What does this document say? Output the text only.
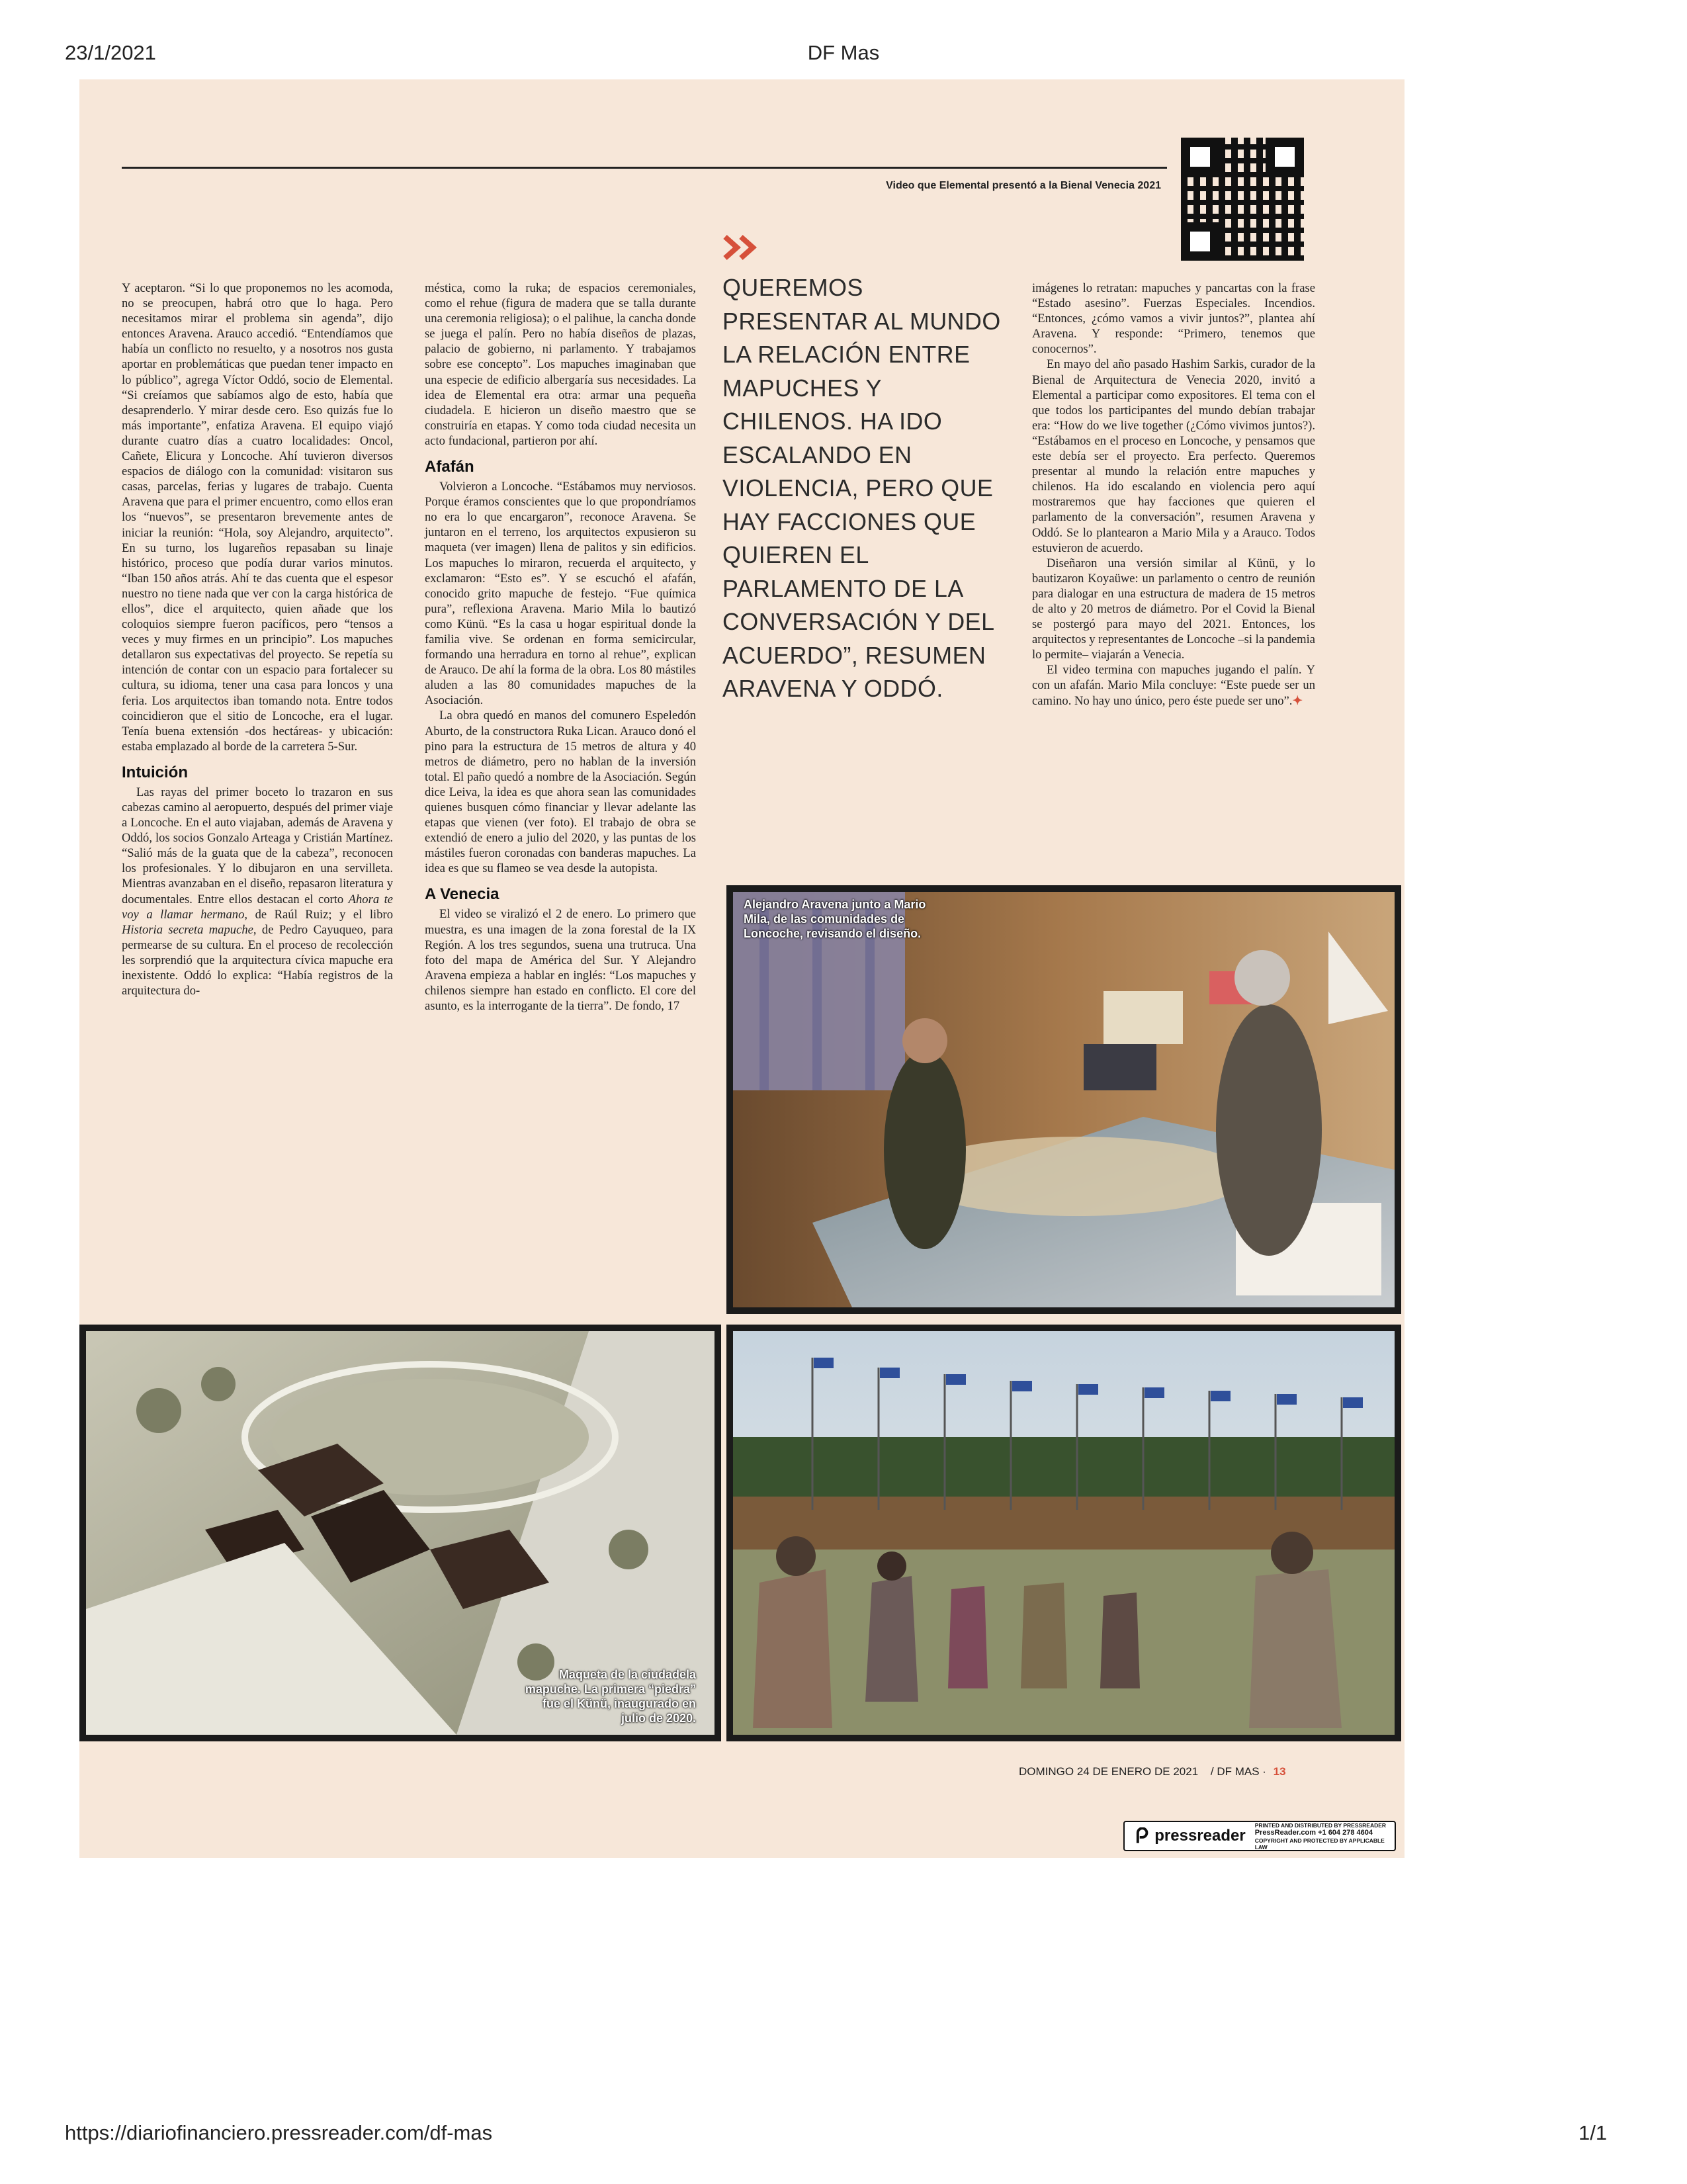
23/1/2021	DF Mas
Video que Elemental presentó a la Bienal Venecia 2021

Y aceptaron. “Si lo que proponemos no les acomoda, no se preocupen, habrá otro que lo haga. Pero necesitamos mirar el problema sin agenda”, dijo entonces Aravena. Arauco accedió. “Entendíamos que había un conflicto no resuelto, y a nosotros nos gusta aportar en problemáticas que puedan tener impacto en lo público”, agrega Víctor Oddó, socio de Elemental. “Si creíamos que sabíamos algo de esto, había que desaprenderlo. Y mirar desde cero. Eso quizás fue lo más importante”, enfatiza Aravena. El equipo viajó durante cuatro días a cuatro localidades: Oncol, Cañete, Elicura y Loncoche. Ahí tuvieron diversos espacios de diálogo con la comunidad: visitaron sus casas, parcelas, ferias y lugares de trabajo. Cuenta Aravena que para el primer encuentro, como ellos eran los “nuevos”, se presentaron brevemente antes de iniciar la reunión: “Hola, soy Alejandro, arquitecto”. En su turno, los lugareños repasaban su linaje histórico, proceso que podía durar varios minutos. “Iban 150 años atrás. Ahí te das cuenta que el espesor nuestro no tiene nada que ver con la carga histórica de ellos”, dice el arquitecto, quien añade que los coloquios siempre fueron pacíficos, pero “tensos a veces y muy firmes en un principio”. Los mapuches detallaron sus expectativas del proyecto. Se repetía su intención de contar con un espacio para fortalecer su cultura, su idioma, tener una casa para loncos y una feria. Los arquitectos iban tomando nota. Entre todos coincidieron que el sitio de Loncoche, era el lugar. Tenía buena extensión -dos hectáreas- y ubicación: estaba emplazado al borde de la carretera 5-Sur.

Intuición

Las rayas del primer boceto lo trazaron en sus cabezas camino al aeropuerto, después del primer viaje a Loncoche. En el auto viajaban, además de Aravena y Oddó, los socios Gonzalo Arteaga y Cristián Martínez. “Salió más de la guata que de la cabeza”, reconocen los profesionales. Y lo dibujaron en una servilleta. Mientras avanzaban en el diseño, repasaron literatura y documentales. Entre ellos destacan el corto Ahora te voy a llamar hermano, de Raúl Ruiz; y el libro Historia secreta mapuche, de Pedro Cayuqueo, para permearse de su cultura. En el proceso de recolección les sorprendió que la arquitectura cívica mapuche era inexistente. Oddó lo explica: “Había registros de la arquitectura do-

méstica, como la ruka; de espacios ceremoniales, como el rehue (figura de madera que se talla durante una ceremonia religiosa); o el palihue, la cancha donde se juega el palín. Pero no había diseños de plazas, palacio de gobierno, ni parlamento. Y trabajamos sobre ese concepto”. Los mapuches imaginaban que una especie de edificio albergaría sus necesidades. La idea de Elemental era otra: armar una pequeña ciudadela. E hicieron un diseño maestro que se construiría en etapas. Y como toda ciudad necesita un acto fundacional, partieron por ahí.

Afafán

Volvieron a Loncoche. “Estábamos muy nerviosos. Porque éramos conscientes que lo que propondríamos no era lo que encargaron”, reconoce Aravena. Se juntaron en el terreno, los arquitectos expusieron su maqueta (ver imagen) llena de palitos y sin edificios. Los mapuches lo miraron, recuerda el arquitecto, y exclamaron: “Esto es”. Y se escuchó el afafán, conocido grito mapuche de festejo. “Fue química pura”, reflexiona Aravena. Mario Mila lo bautizó como Künü. “Es la casa u hogar espiritual donde la familia vive. Se ordenan en forma semicircular, formando una herradura en torno al rehue”, explican de Arauco. De ahí la forma de la obra. Los 80 mástiles aluden a las 80 comunidades mapuches de la Asociación.

La obra quedó en manos del comunero Espeledón Aburto, de la constructora Ruka Lican. Arauco donó el pino para la estructura de 15 metros de altura y 40 metros de diámetro, pero no hablan de la inversión total. El paño quedó a nombre de la Asociación. Según dice Leiva, la idea es que ahora sean las comunidades quienes busquen cómo financiar y llevar adelante las etapas que vienen (ver foto). El trabajo de obra se extendió de enero a julio del 2020, y las puntas de los mástiles fueron coronadas con banderas mapuches. La idea es que su flameo se vea desde la autopista.

A Venecia

El video se viralizó el 2 de enero. Lo primero que muestra, es una imagen de la zona forestal de la IX Región. A los tres segundos, suena una trutruca. Una foto del mapa de América del Sur. Y Alejandro Aravena empieza a hablar en inglés: “Los mapuches y chilenos siempre han estado en conflicto. El core del asunto, es la interrogante de la tierra”. De fondo, 17

QUEREMOS PRESENTAR AL MUNDO LA RELACIÓN ENTRE MAPUCHES Y CHILENOS. HA IDO ESCALANDO EN VIOLENCIA, PERO QUE HAY FACCIONES QUE QUIEREN EL PARLAMENTO DE LA CONVERSACIÓN Y DEL ACUERDO”, RESUMEN ARAVENA Y ODDÓ.

imágenes lo retratan: mapuches y pancartas con la frase “Estado asesino”. Fuerzas Especiales. Incendios. “Entonces, ¿cómo vamos a vivir juntos?”, plantea ahí Aravena. Y responde: “Primero, tenemos que conocernos”.

En mayo del año pasado Hashim Sarkis, curador de la Bienal de Arquitectura de Venecia 2020, invitó a Elemental a participar como expositores. El tema con el que todos los participantes del mundo debían trabajar era: “How do we live together (¿Cómo vivimos juntos?). “Estábamos en el proceso en Loncoche, y pensamos que este debía ser el proyecto. Era perfecto. Queremos presentar al mundo la relación entre mapuches y chilenos. Ha ido escalando en violencia pero aquí mostraremos que hay facciones que quieren el parlamento de la conversación”, resumen Aravena y Oddó. Se lo plantearon a Mario Mila y a Arauco. Todos estuvieron de acuerdo.

Diseñaron una versión similar al Künü, y lo bautizaron Koyaüwe: un parlamento o centro de reunión para dialogar en una estructura de madera de 15 metros de alto y 20 metros de diámetro. Por el Covid la Bienal se postergó para mayo del 2021. Entonces, los arquitectos y representantes de Loncoche –si la pandemia lo permite– viajarán a Venecia.

El video termina con mapuches jugando el palín. Y con un afafán. Mario Mila concluye: “Este puede ser un camino. No hay uno único, pero éste puede ser uno”.✦

Alejandro Aravena junto a Mario Mila, de las comunidades de Loncoche, revisando el diseño.
Maqueta de la ciudadela mapuche. La primera “piedra” fue el Künü, inaugurado en julio de 2020.
DOMINGO 24 DE ENERO DE 2021 / DF MAS · 13
pressreader
PRINTED AND DISTRIBUTED BY PRESSREADER
PressReader.com +1 604 278 4604
COPYRIGHT AND PROTECTED BY APPLICABLE LAW
https://diariofinanciero.pressreader.com/df-mas	1/1
